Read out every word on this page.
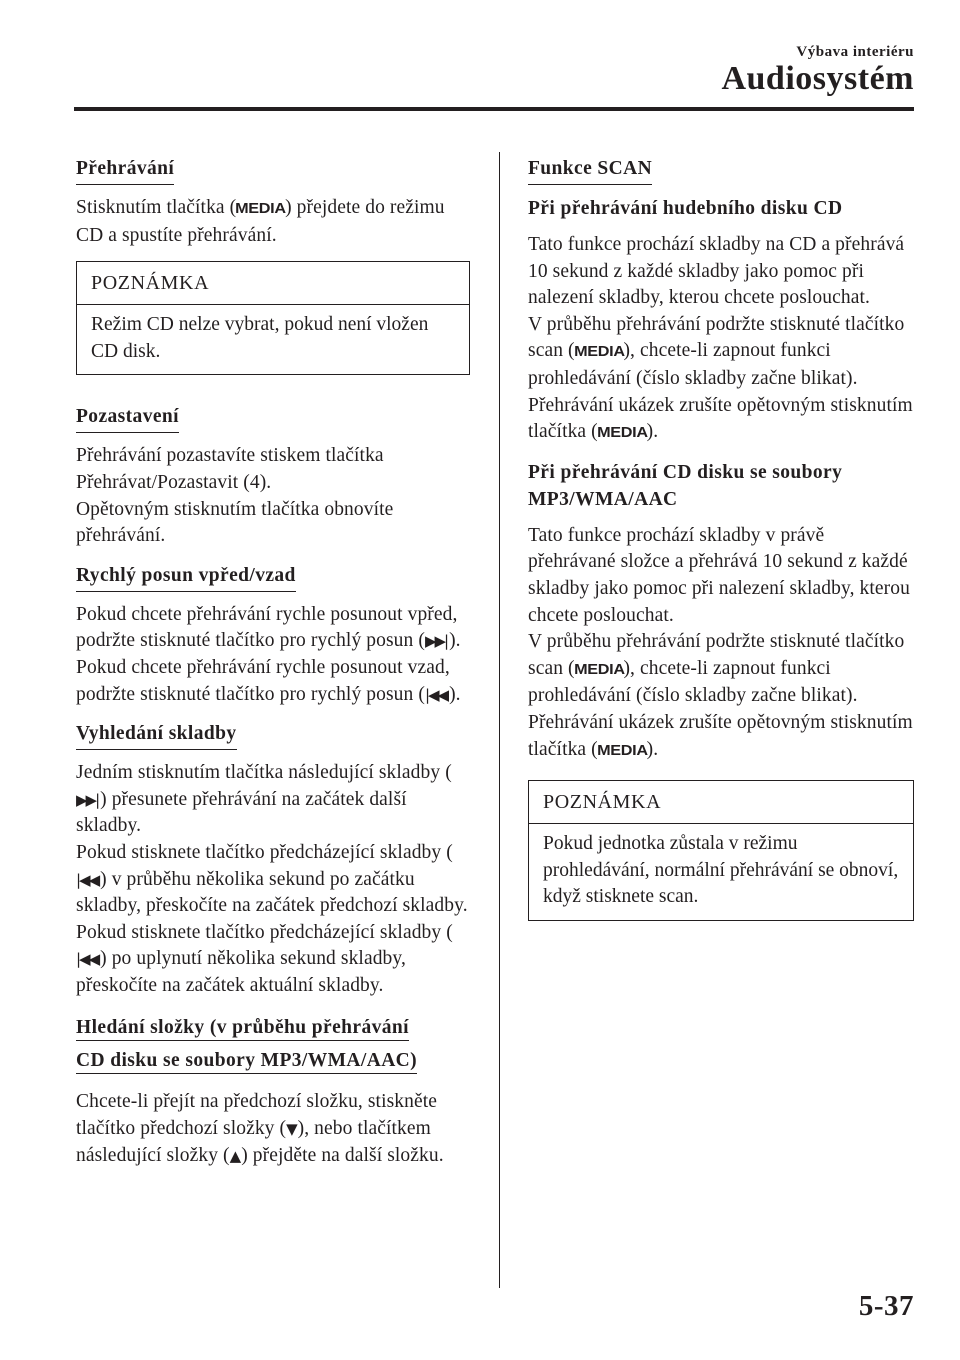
Výbava interiéru
Audiosystém
Přehrávání

Stisknutím tlačítka (MEDIA) přejdete do režimu CD a spustíte přehrávání.

POZNÁMKA
Režim CD nelze vybrat, pokud není vložen CD disk.
Pozastavení

Přehrávání pozastavíte stiskem tlačítka Přehrávat/Pozastavit (4).

Opětovným stisknutím tlačítka obnovíte přehrávání.

Rychlý posun vpřed/vzad

Pokud chcete přehrávání rychle posunout vpřed, podržte stisknuté tlačítko pro rychlý posun (▶▶| ). Pokud chcete přehrávání rychle posunout vzad, podržte stisknuté tlačítko pro rychlý posun (|◀◀ ).

Vyhledání skladby

Jedním stisknutím tlačítka následující skladby (▶▶| ) přesunete přehrávání na začátek další skladby.

Pokud stisknete tlačítko předcházející skladby (|◀◀ ) v průběhu několika sekund po začátku skladby, přeskočíte na začátek předchozí skladby.

Pokud stisknete tlačítko předcházející skladby (|◀◀ ) po uplynutí několika sekund skladby, přeskočíte na začátek aktuální skladby.

Hledání složky (v průběhu přehrávání
CD disku se soubory MP3/WMA/AAC)

Chcete-li přejít na předchozí složku, stiskněte tlačítko předchozí složky (▼ ), nebo tlačítkem následující složky (▲ ) přejděte na další složku.

Funkce SCAN
Při přehrávání hudebního disku CD

Tato funkce prochází skladby na CD a přehrává 10 sekund z každé skladby jako pomoc při nalezení skladby, kterou chcete poslouchat.

V průběhu přehrávání podržte stisknuté tlačítko scan (MEDIA), chcete-li zapnout funkci prohledávání (číslo skladby začne blikat). Přehrávání ukázek zrušíte opětovným stisknutím tlačítka (MEDIA).

Při přehrávání CD disku se soubory MP3/WMA/AAC

Tato funkce prochází skladby v právě přehrávané složce a přehrává 10 sekund z každé skladby jako pomoc při nalezení skladby, kterou chcete poslouchat.

V průběhu přehrávání podržte stisknuté tlačítko scan (MEDIA), chcete-li zapnout funkci prohledávání (číslo skladby začne blikat).

Přehrávání ukázek zrušíte opětovným stisknutím tlačítka (MEDIA).

POZNÁMKA
Pokud jednotka zůstala v režimu prohledávání, normální přehrávání se obnoví, když stisknete scan.
5-37
